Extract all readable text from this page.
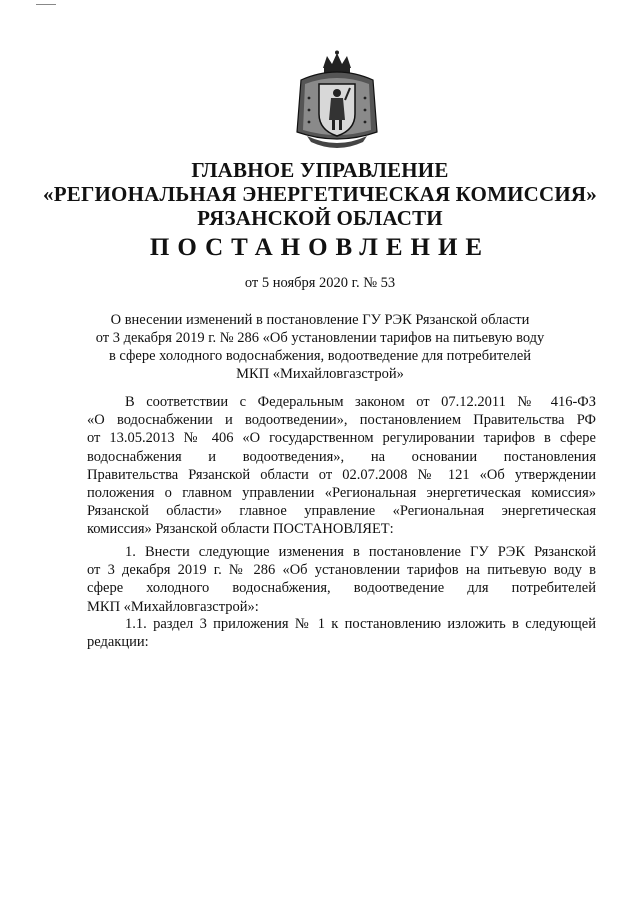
ГЛАВНОЕ УПРАВЛЕНИЕ
«РЕГИОНАЛЬНАЯ ЭНЕРГЕТИЧЕСКАЯ КОМИССИЯ»
РЯЗАНСКОЙ ОБЛАСТИ
ПОСТАНОВЛЕНИЕ
от 5 ноября 2020 г. № 53
О внесении изменений в постановление ГУ РЭК Рязанской области
от 3 декабря 2019 г. № 286 «Об установлении тарифов на питьевую воду
в сфере холодного водоснабжения, водоотведение для потребителей
МКП «Михайловгазстрой»
В соответствии с Федеральным законом от 07.12.2011 № 416-ФЗ
«О водоснабжении и водоотведении», постановлением Правительства РФ
от 13.05.2013 № 406 «О государственном регулировании тарифов в сфере
водоснабжения и водоотведения», на основании постановления
Правительства Рязанской области от 02.07.2008 № 121 «Об утверждении
положения о главном управлении «Региональная энергетическая комиссия»
Рязанской области» главное управление «Региональная энергетическая
комиссия» Рязанской области ПОСТАНОВЛЯЕТ:
1. Внести следующие изменения в постановление ГУ РЭК Рязанской
от 3 декабря 2019 г. № 286 «Об установлении тарифов на питьевую воду в
сфере холодного водоснабжения, водоотведение для потребителей
МКП «Михайловгазстрой»:
1.1. раздел 3 приложения № 1 к постановлению изложить в следующей
редакции:
